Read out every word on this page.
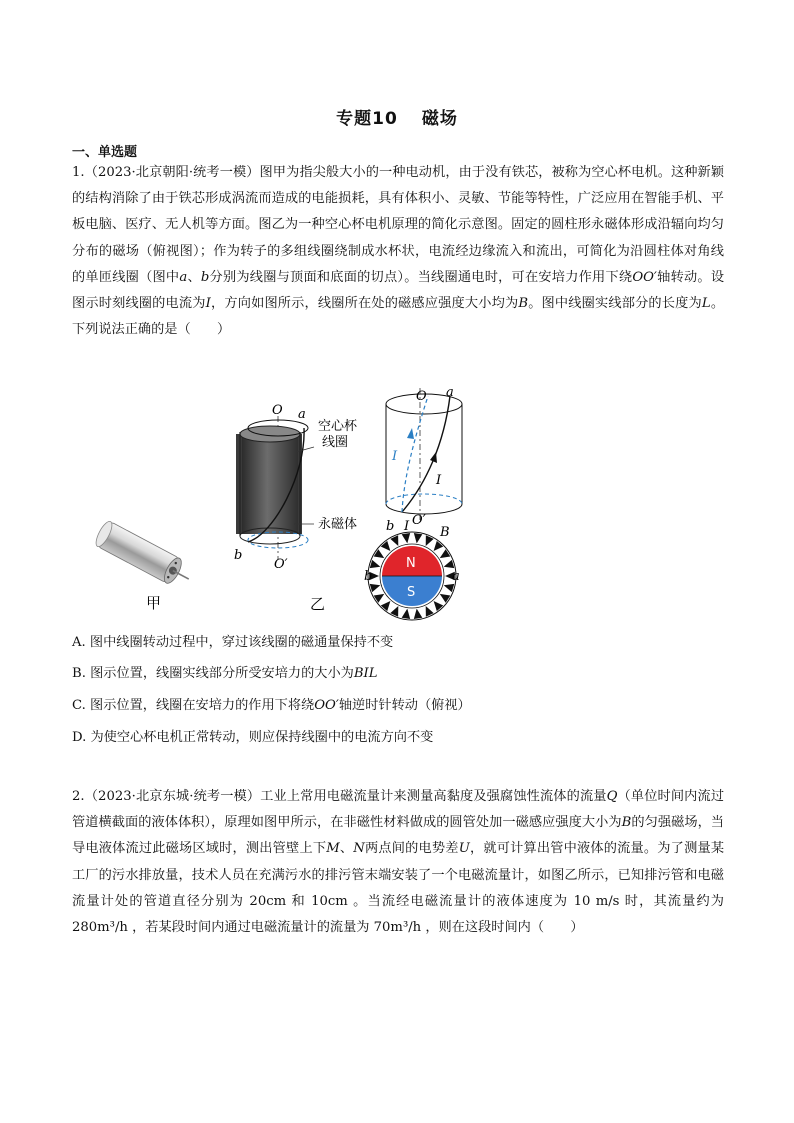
专题10 磁场
一、单选题
1.（2023·北京朝阳·统考一模）图甲为指尖般大小的一种电动机，由于没有铁芯，被称为空心杯电机。这种新颖的结构消除了由于铁芯形成涡流而造成的电能损耗，具有体积小、灵敏、节能等特性，广泛应用在智能手机、平板电脑、医疗、无人机等方面。图乙为一种空心杯电机原理的简化示意图。固定的圆柱形永磁体形成沿辐向均匀分布的磁场（俯视图）；作为转子的多组线圈绕制成水杯状，电流经边缘流入和流出，可简化为沿圆柱体对角线的单匝线圈（图中a、b分别为线圈与顶面和底面的切点）。当线圈通电时，可在安培力作用下绕OO′轴转动。设图示时刻线圈的电流为I，方向如图所示，线圈所在处的磁感应强度大小均为B。图中线圈实线部分的长度为L。下列说法正确的是（　　）
甲
O a
b
O′
空心杯
线圈
永磁体
乙
O a
b O′
I
I
N
S
I B
b	a
A. 图中线圈转动过程中，穿过该线圈的磁通量保持不变
B. 图示位置，线圈实线部分所受安培力的大小为BIL
C. 图示位置，线圈在安培力的作用下将绕OO′轴逆时针转动（俯视）
D. 为使空心杯电机正常转动，则应保持线圈中的电流方向不变
2.（2023·北京东城·统考一模）工业上常用电磁流量计来测量高黏度及强腐蚀性流体的流量Q（单位时间内流过管道横截面的液体体积），原理如图甲所示，在非磁性材料做成的圆管处加一磁感应强度大小为B的匀强磁场，当导电液体流过此磁场区域时，测出管壁上下M、N两点间的电势差U，就可计算出管中液体的流量。为了测量某工厂的污水排放量，技术人员在充满污水的排污管末端安装了一个电磁流量计，如图乙所示，已知排污管和电磁流量计处的管道直径分别为 20cm 和 10cm 。当流经电磁流量计的液体速度为 10 m/s 时，其流量约为 280m³/h ，若某段时间内通过电磁流量计的流量为 70m³/h ，则在这段时间内（　　）
